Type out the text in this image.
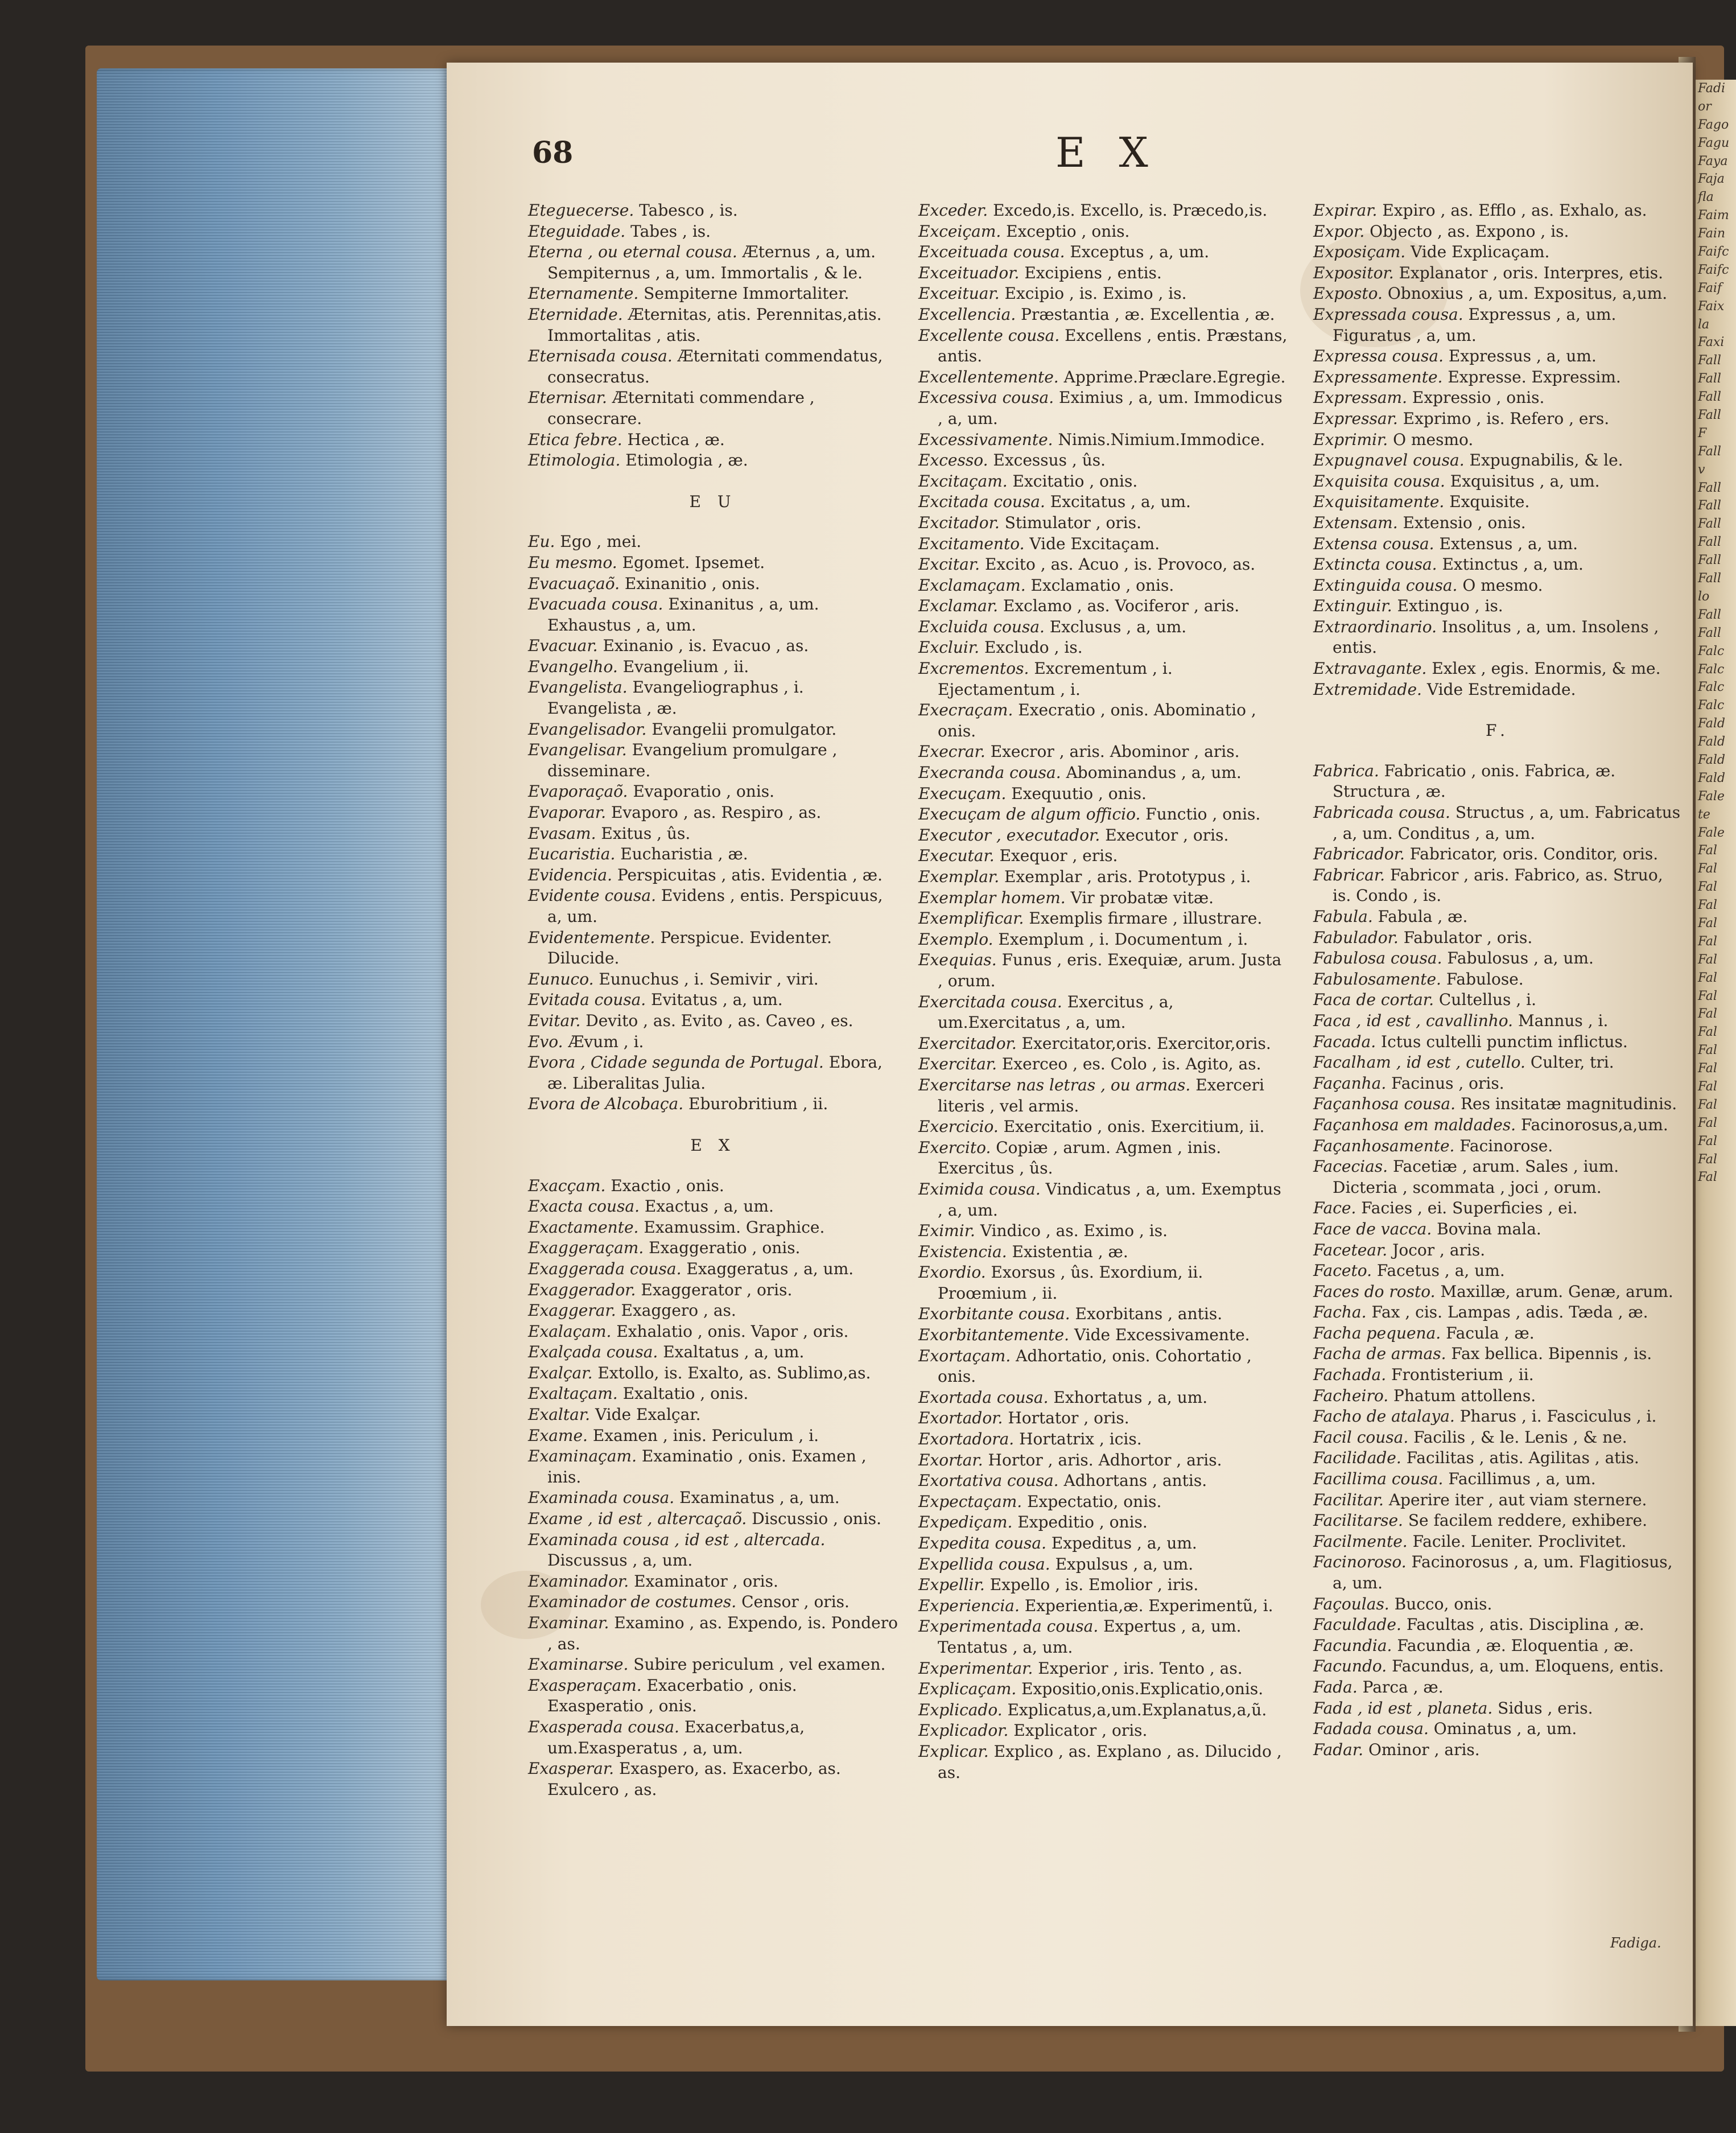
Fadi
or
Fago
Fagu
Faya
Faja
fla
Faim
Fain
Faifc
Faifc
Faif
Faix
la
Faxi
Fall
Fall
Fall
Fall
F
Fall
v
Fall
Fall
Fall
Fall
Fall
Fall
lo
Fall
Fall
Falc
Falc
Falc
Falc
Fald
Fald
Fald
Fald
Fale
te
Fale
Fal
Fal
Fal
Fal
Fal
Fal
Fal
Fal
Fal
Fal
Fal
Fal
Fal
Fal
Fal
Fal
Fal
Fal
Fal
68	E X

Eteguecerse. Tabesco , is.

Eteguidade. Tabes , is.

Eterna , ou eternal cousa. Æternus , a, um. Sempiternus , a, um. Immortalis , & le.

Eternamente. Sempiterne Immortaliter.

Eternidade. Æternitas, atis. Perennitas,atis. Immortalitas , atis.

Eternisada cousa. Æternitati commendatus, consecratus.

Eternisar. Æternitati commendare , consecrare.

Etica febre. Hectica , æ.

Etimologia. Etimologia , æ.

E U

Eu. Ego , mei.

Eu mesmo. Egomet. Ipsemet.

Evacuaçaõ. Exinanitio , onis.

Evacuada cousa. Exinanitus , a, um. Exhaustus , a, um.

Evacuar. Exinanio , is. Evacuo , as.

Evangelho. Evangelium , ii.

Evangelista. Evangeliographus , i. Evangelista , æ.

Evangelisador. Evangelii promulgator.

Evangelisar. Evangelium promulgare , disseminare.

Evaporaçaõ. Evaporatio , onis.

Evaporar. Evaporo , as. Respiro , as.

Evasam. Exitus , ûs.

Eucaristia. Eucharistia , æ.

Evidencia. Perspicuitas , atis. Evidentia , æ.

Evidente cousa. Evidens , entis. Perspicuus, a, um.

Evidentemente. Perspicue. Evidenter. Dilucide.

Eunuco. Eunuchus , i. Semivir , viri.

Evitada cousa. Evitatus , a, um.

Evitar. Devito , as. Evito , as. Caveo , es.

Evo. Ævum , i.

Evora , Cidade segunda de Portugal. Ebora, æ. Liberalitas Julia.

Evora de Alcobaça. Eburobritium , ii.

E X

Exacçam. Exactio , onis.

Exacta cousa. Exactus , a, um.

Exactamente. Examussim. Graphice.

Exaggeraçam. Exaggeratio , onis.

Exaggerada cousa. Exaggeratus , a, um.

Exaggerador. Exaggerator , oris.

Exaggerar. Exaggero , as.

Exalaçam. Exhalatio , onis. Vapor , oris.

Exalçada cousa. Exaltatus , a, um.

Exalçar. Extollo, is. Exalto, as. Sublimo,as.

Exaltaçam. Exaltatio , onis.

Exaltar. Vide Exalçar.

Exame. Examen , inis. Periculum , i.

Examinaçam. Examinatio , onis. Examen , inis.

Examinada cousa. Examinatus , a, um.

Exame , id est , altercaçaõ. Discussio , onis.

Examinada cousa , id est , altercada. Discussus , a, um.

Examinador. Examinator , oris.

Examinador de costumes. Censor , oris.

Examinar. Examino , as. Expendo, is. Pondero , as.

Examinarse. Subire periculum , vel examen.

Exasperaçam. Exacerbatio , onis. Exasperatio , onis.

Exasperada cousa. Exacerbatus,a, um.Exasperatus , a, um.

Exasperar. Exaspero, as. Exacerbo, as. Exulcero , as.

Exceder. Excedo,is. Excello, is. Præcedo,is.

Exceiçam. Exceptio , onis.

Exceituada cousa. Exceptus , a, um.

Exceituador. Excipiens , entis.

Exceituar. Excipio , is. Eximo , is.

Excellencia. Præstantia , æ. Excellentia , æ.

Excellente cousa. Excellens , entis. Præstans, antis.

Excellentemente. Apprime.Præclare.Egregie.

Excessiva cousa. Eximius , a, um. Immodicus , a, um.

Excessivamente. Nimis.Nimium.Immodice.

Excesso. Excessus , ûs.

Excitaçam. Excitatio , onis.

Excitada cousa. Excitatus , a, um.

Excitador. Stimulator , oris.

Excitamento. Vide Excitaçam.

Excitar. Excito , as. Acuo , is. Provoco, as.

Exclamaçam. Exclamatio , onis.

Exclamar. Exclamo , as. Vociferor , aris.

Excluida cousa. Exclusus , a, um.

Excluir. Excludo , is.

Excrementos. Excrementum , i. Ejectamentum , i.

Execraçam. Execratio , onis. Abominatio , onis.

Execrar. Execror , aris. Abominor , aris.

Execranda cousa. Abominandus , a, um.

Execuçam. Exequutio , onis.

Execuçam de algum officio. Functio , onis.

Executor , executador. Executor , oris.

Executar. Exequor , eris.

Exemplar. Exemplar , aris. Prototypus , i.

Exemplar homem. Vir probatæ vitæ.

Exemplificar. Exemplis firmare , illustrare.

Exemplo. Exemplum , i. Documentum , i.

Exequias. Funus , eris. Exequiæ, arum. Justa , orum.

Exercitada cousa. Exercitus , a, um.Exercitatus , a, um.

Exercitador. Exercitator,oris. Exercitor,oris.

Exercitar. Exerceo , es. Colo , is. Agito, as.

Exercitarse nas letras , ou armas. Exerceri literis , vel armis.

Exercicio. Exercitatio , onis. Exercitium, ii.

Exercito. Copiæ , arum. Agmen , inis. Exercitus , ûs.

Eximida cousa. Vindicatus , a, um. Exemptus , a, um.

Eximir. Vindico , as. Eximo , is.

Existencia. Existentia , æ.

Exordio. Exorsus , ûs. Exordium, ii. Proœmium , ii.

Exorbitante cousa. Exorbitans , antis.

Exorbitantemente. Vide Excessivamente.

Exortaçam. Adhortatio, onis. Cohortatio , onis.

Exortada cousa. Exhortatus , a, um.

Exortador. Hortator , oris.

Exortadora. Hortatrix , icis.

Exortar. Hortor , aris. Adhortor , aris.

Exortativa cousa. Adhortans , antis.

Expectaçam. Expectatio, onis.

Expediçam. Expeditio , onis.

Expedita cousa. Expeditus , a, um.

Expellida cousa. Expulsus , a, um.

Expellir. Expello , is. Emolior , iris.

Experiencia. Experientia,æ. Experimentũ, i.

Experimentada cousa. Expertus , a, um. Tentatus , a, um.

Experimentar. Experior , iris. Tento , as.

Explicaçam. Expositio,onis.Explicatio,onis.

Explicado. Explicatus,a,um.Explanatus,a,ũ.

Explicador. Explicator , oris.

Explicar. Explico , as. Explano , as. Dilucido , as.

Expirar. Expiro , as. Efflo , as. Exhalo, as.

Expor. Objecto , as. Expono , is.

Exposiçam. Vide Explicaçam.

Expositor. Explanator , oris. Interpres, etis.

Exposto. Obnoxius , a, um. Expositus, a,um.

Expressada cousa. Expressus , a, um. Figuratus , a, um.

Expressa cousa. Expressus , a, um.

Expressamente. Expresse. Expressim.

Expressam. Expressio , onis.

Expressar. Exprimo , is. Refero , ers.

Exprimir. O mesmo.

Expugnavel cousa. Expugnabilis, & le.

Exquisita cousa. Exquisitus , a, um.

Exquisitamente. Exquisite.

Extensam. Extensio , onis.

Extensa cousa. Extensus , a, um.

Extincta cousa. Extinctus , a, um.

Extinguida cousa. O mesmo.

Extinguir. Extinguo , is.

Extraordinario. Insolitus , a, um. Insolens , entis.

Extravagante. Exlex , egis. Enormis, & me.

Extremidade. Vide Estremidade.

F.

Fabrica. Fabricatio , onis. Fabrica, æ. Structura , æ.

Fabricada cousa. Structus , a, um. Fabricatus , a, um. Conditus , a, um.

Fabricador. Fabricator, oris. Conditor, oris.

Fabricar. Fabricor , aris. Fabrico, as. Struo, is. Condo , is.

Fabula. Fabula , æ.

Fabulador. Fabulator , oris.

Fabulosa cousa. Fabulosus , a, um.

Fabulosamente. Fabulose.

Faca de cortar. Cultellus , i.

Faca , id est , cavallinho. Mannus , i.

Facada. Ictus cultelli punctim inflictus.

Facalham , id est , cutello. Culter, tri.

Façanha. Facinus , oris.

Façanhosa cousa. Res insitatæ magnitudinis.

Façanhosa em maldades. Facinorosus,a,um.

Façanhosamente. Facinorose.

Facecias. Facetiæ , arum. Sales , ium. Dicteria , scommata , joci , orum.

Face. Facies , ei. Superficies , ei.

Face de vacca. Bovina mala.

Facetear. Jocor , aris.

Faceto. Facetus , a, um.

Faces do rosto. Maxillæ, arum. Genæ, arum.

Facha. Fax , cis. Lampas , adis. Tæda , æ.

Facha pequena. Facula , æ.

Facha de armas. Fax bellica. Bipennis , is.

Fachada. Frontisterium , ii.

Facheiro. Phatum attollens.

Facho de atalaya. Pharus , i. Fasciculus , i.

Facil cousa. Facilis , & le. Lenis , & ne.

Facilidade. Facilitas , atis. Agilitas , atis.

Facillima cousa. Facillimus , a, um.

Facilitar. Aperire iter , aut viam sternere.

Facilitarse. Se facilem reddere, exhibere.

Facilmente. Facile. Leniter. Proclivitet.

Facinoroso. Facinorosus , a, um. Flagitiosus, a, um.

Façoulas. Bucco, onis.

Faculdade. Facultas , atis. Disciplina , æ.

Facundia. Facundia , æ. Eloquentia , æ.

Facundo. Facundus, a, um. Eloquens, entis.

Fada. Parca , æ.

Fada , id est , planeta. Sidus , eris.

Fadada cousa. Ominatus , a, um.

Fadar. Ominor , aris.

Fadiga.
